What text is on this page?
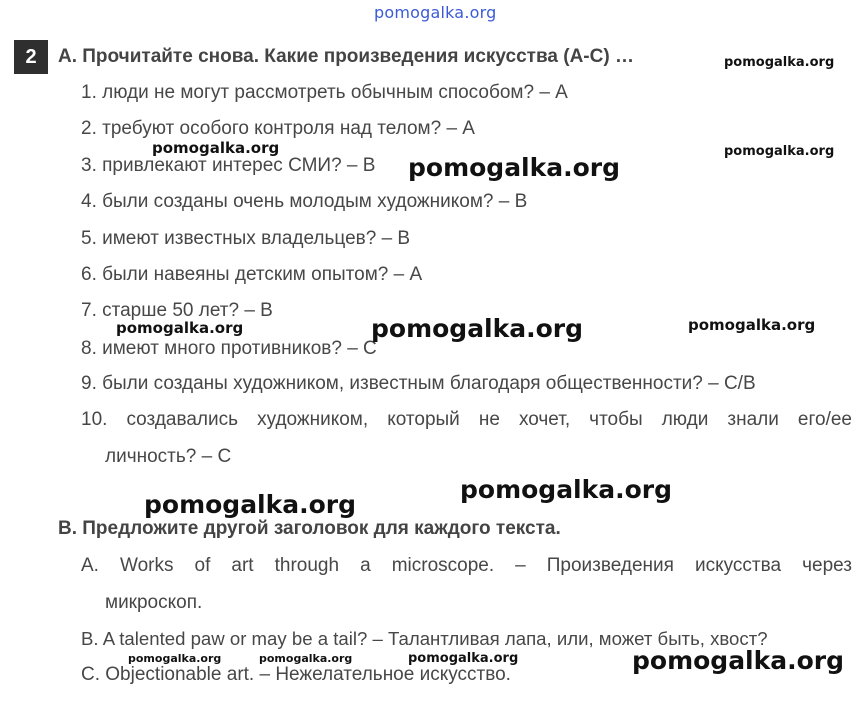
pomogalka.org
2	A. Прочитайте снова. Какие произведения искусства (A-C) …
1. люди не могут рассмотреть обычным способом? – A
2. требуют особого контроля над телом? – A
3. привлекают интерес СМИ? – B
4. были созданы очень молодым художником? – B
5. имеют известных владельцев? – B
6. были навеяны детским опытом? – A
7. старше 50 лет? – B
8. имеют много противников? – C
9. были созданы художником, известным благодаря общественности? – C/B
10. создавались художником, который не хочет, чтобы люди знали его/ее
личность? – C
B. Предложите другой заголовок для каждого текста.
A. Works of art through a microscope. – Произведения искусства через
микроскоп.
B. A talented paw or may be a tail? – Талантливая лапа, или, может быть, хвост?
C. Objectionable art. – Нежелательное искусство.
pomogalka.org
pomogalka.org
pomogalka.org
pomogalka.org
pomogalka.org	pomogalka.org	pomogalka.org
pomogalka.org
pomogalka.org
pomogalka.org	pomogalka.org	pomogalka.org	pomogalka.org
